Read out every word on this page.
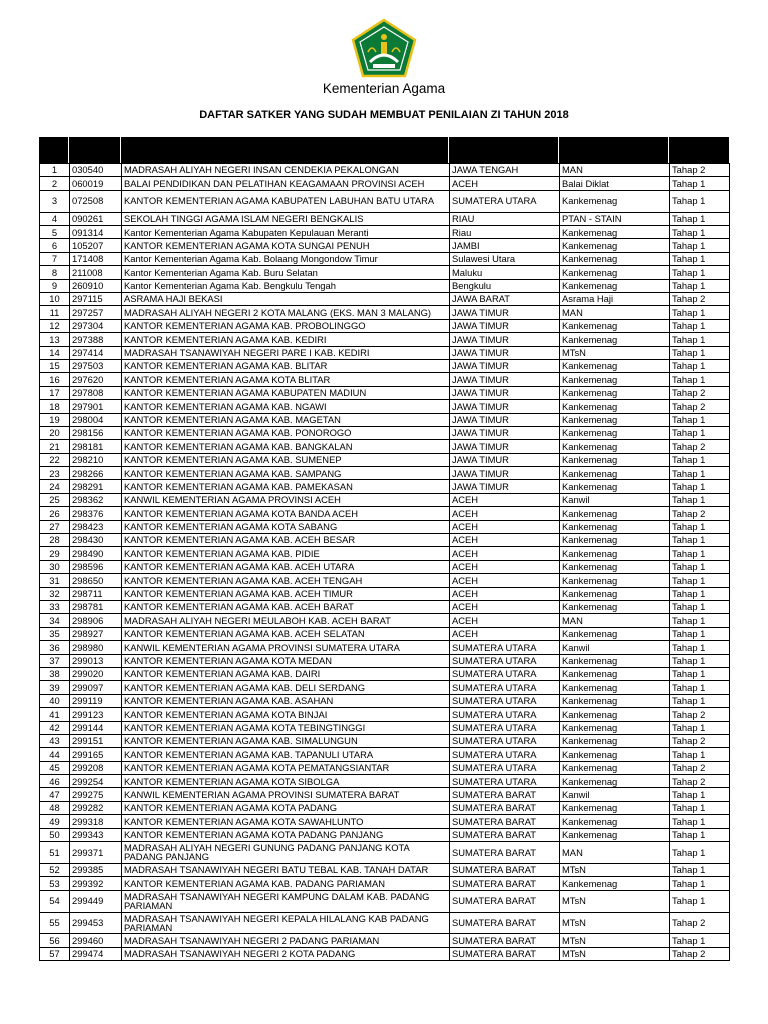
Kementerian Agama
DAFTAR SATKER YANG SUDAH MEMBUAT PENILAIAN ZI TAHUN 2018
1	030540	MADRASAH ALIYAH NEGERI INSAN CENDEKIA PEKALONGAN	JAWA TENGAH	MAN	Tahap 2
2	060019	BALAI PENDIDIKAN DAN PELATIHAN KEAGAMAAN PROVINSI ACEH	ACEH	Balai Diklat	Tahap 1
3	072508	KANTOR KEMENTERIAN AGAMA KABUPATEN LABUHAN BATU UTARA	SUMATERA UTARA	Kankemenag	Tahap 1
4	090261	SEKOLAH TINGGI AGAMA ISLAM NEGERI BENGKALIS	RIAU	PTAN - STAIN	Tahap 1
5	091314	Kantor Kementerian Agama Kabupaten Kepulauan Meranti	Riau	Kankemenag	Tahap 1
6	105207	KANTOR KEMENTERIAN AGAMA KOTA SUNGAI PENUH	JAMBI	Kankemenag	Tahap 1
7	171408	Kantor Kementerian Agama Kab. Bolaang Mongondow Timur	Sulawesi Utara	Kankemenag	Tahap 1
8	211008	Kantor Kementerian Agama Kab. Buru Selatan	Maluku	Kankemenag	Tahap 1
9	260910	Kantor Kementerian Agama Kab. Bengkulu Tengah	Bengkulu	Kankemenag	Tahap 1
10	297115	ASRAMA HAJI BEKASI	JAWA BARAT	Asrama Haji	Tahap 2
11	297257	MADRASAH ALIYAH NEGERI 2 KOTA MALANG (EKS. MAN 3 MALANG)	JAWA TIMUR	MAN	Tahap 1
12	297304	KANTOR KEMENTERIAN AGAMA KAB. PROBOLINGGO	JAWA TIMUR	Kankemenag	Tahap 1
13	297388	KANTOR KEMENTERIAN AGAMA KAB. KEDIRI	JAWA TIMUR	Kankemenag	Tahap 1
14	297414	MADRASAH TSANAWIYAH NEGERI PARE I KAB. KEDIRI	JAWA TIMUR	MTsN	Tahap 1
15	297503	KANTOR KEMENTERIAN AGAMA KAB. BLITAR	JAWA TIMUR	Kankemenag	Tahap 1
16	297620	KANTOR KEMENTERIAN AGAMA KOTA BLITAR	JAWA TIMUR	Kankemenag	Tahap 1
17	297808	KANTOR KEMENTERIAN AGAMA KABUPATEN MADIUN	JAWA TIMUR	Kankemenag	Tahap 2
18	297901	KANTOR KEMENTERIAN AGAMA KAB. NGAWI	JAWA TIMUR	Kankemenag	Tahap 2
19	298004	KANTOR KEMENTERIAN AGAMA KAB. MAGETAN	JAWA TIMUR	Kankemenag	Tahap 1
20	298156	KANTOR KEMENTERIAN AGAMA KAB. PONOROGO	JAWA TIMUR	Kankemenag	Tahap 1
21	298181	KANTOR KEMENTERIAN AGAMA KAB. BANGKALAN	JAWA TIMUR	Kankemenag	Tahap 2
22	298210	KANTOR KEMENTERIAN AGAMA KAB. SUMENEP	JAWA TIMUR	Kankemenag	Tahap 1
23	298266	KANTOR KEMENTERIAN AGAMA KAB. SAMPANG	JAWA TIMUR	Kankemenag	Tahap 1
24	298291	KANTOR KEMENTERIAN AGAMA KAB. PAMEKASAN	JAWA TIMUR	Kankemenag	Tahap 1
25	298362	KANWIL KEMENTERIAN AGAMA PROVINSI ACEH	ACEH	Kanwil	Tahap 1
26	298376	KANTOR KEMENTERIAN AGAMA KOTA BANDA ACEH	ACEH	Kankemenag	Tahap 2
27	298423	KANTOR KEMENTERIAN AGAMA KOTA SABANG	ACEH	Kankemenag	Tahap 1
28	298430	KANTOR KEMENTERIAN AGAMA KAB. ACEH BESAR	ACEH	Kankemenag	Tahap 1
29	298490	KANTOR KEMENTERIAN AGAMA KAB. PIDIE	ACEH	Kankemenag	Tahap 1
30	298596	KANTOR KEMENTERIAN AGAMA KAB. ACEH UTARA	ACEH	Kankemenag	Tahap 1
31	298650	KANTOR KEMENTERIAN AGAMA KAB. ACEH TENGAH	ACEH	Kankemenag	Tahap 1
32	298711	KANTOR KEMENTERIAN AGAMA KAB. ACEH TIMUR	ACEH	Kankemenag	Tahap 1
33	298781	KANTOR KEMENTERIAN AGAMA KAB. ACEH BARAT	ACEH	Kankemenag	Tahap 1
34	298906	MADRASAH ALIYAH NEGERI MEULABOH KAB. ACEH BARAT	ACEH	MAN	Tahap 1
35	298927	KANTOR KEMENTERIAN AGAMA KAB. ACEH SELATAN	ACEH	Kankemenag	Tahap 1
36	298980	KANWIL KEMENTERIAN AGAMA PROVINSI SUMATERA UTARA	SUMATERA UTARA	Kanwil	Tahap 1
37	299013	KANTOR KEMENTERIAN AGAMA KOTA MEDAN	SUMATERA UTARA	Kankemenag	Tahap 1
38	299020	KANTOR KEMENTERIAN AGAMA KAB. DAIRI	SUMATERA UTARA	Kankemenag	Tahap 1
39	299097	KANTOR KEMENTERIAN AGAMA KAB. DELI SERDANG	SUMATERA UTARA	Kankemenag	Tahap 1
40	299119	KANTOR KEMENTERIAN AGAMA KAB. ASAHAN	SUMATERA UTARA	Kankemenag	Tahap 1
41	299123	KANTOR KEMENTERIAN AGAMA KOTA BINJAI	SUMATERA UTARA	Kankemenag	Tahap 2
42	299144	KANTOR KEMENTERIAN AGAMA KOTA TEBINGTINGGI	SUMATERA UTARA	Kankemenag	Tahap 1
43	299151	KANTOR KEMENTERIAN AGAMA KAB. SIMALUNGUN	SUMATERA UTARA	Kankemenag	Tahap 2
44	299165	KANTOR KEMENTERIAN AGAMA KAB. TAPANULI UTARA	SUMATERA UTARA	Kankemenag	Tahap 1
45	299208	KANTOR KEMENTERIAN AGAMA KOTA PEMATANGSIANTAR	SUMATERA UTARA	Kankemenag	Tahap 2
46	299254	KANTOR KEMENTERIAN AGAMA KOTA SIBOLGA	SUMATERA UTARA	Kankemenag	Tahap 2
47	299275	KANWIL KEMENTERIAN AGAMA PROVINSI SUMATERA BARAT	SUMATERA BARAT	Kanwil	Tahap 1
48	299282	KANTOR KEMENTERIAN AGAMA KOTA PADANG	SUMATERA BARAT	Kankemenag	Tahap 1
49	299318	KANTOR KEMENTERIAN AGAMA KOTA SAWAHLUNTO	SUMATERA BARAT	Kankemenag	Tahap 1
50	299343	KANTOR KEMENTERIAN AGAMA KOTA PADANG PANJANG	SUMATERA BARAT	Kankemenag	Tahap 1
51	299371	MADRASAH ALIYAH NEGERI GUNUNG PADANG PANJANG KOTA PADANG PANJANG	SUMATERA BARAT	MAN	Tahap 1
52	299385	MADRASAH TSANAWIYAH NEGERI BATU TEBAL KAB. TANAH DATAR	SUMATERA BARAT	MTsN	Tahap 1
53	299392	KANTOR KEMENTERIAN AGAMA KAB. PADANG PARIAMAN	SUMATERA BARAT	Kankemenag	Tahap 1
54	299449	MADRASAH TSANAWIYAH NEGERI KAMPUNG DALAM KAB. PADANG PARIAMAN	SUMATERA BARAT	MTsN	Tahap 1
55	299453	MADRASAH TSANAWIYAH NEGERI KEPALA HILALANG KAB PADANG PARIAMAN	SUMATERA BARAT	MTsN	Tahap 2
56	299460	MADRASAH TSANAWIYAH NEGERI 2 PADANG PARIAMAN	SUMATERA BARAT	MTsN	Tahap 1
57	299474	MADRASAH TSANAWIYAH NEGERI 2 KOTA PADANG	SUMATERA BARAT	MTsN	Tahap 2
